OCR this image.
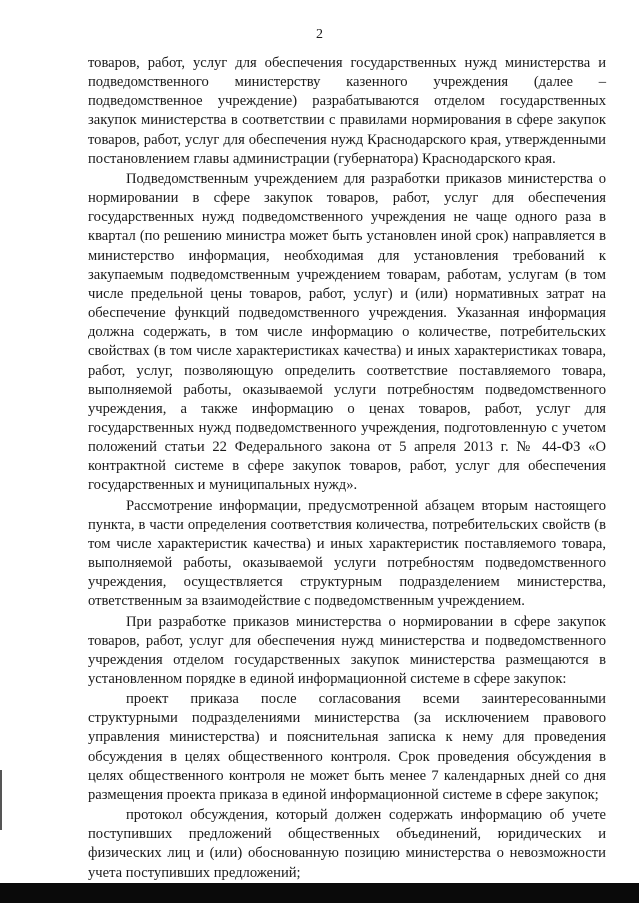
2

товаров, работ, услуг для обеспечения государственных нужд министерства и подведомственного министерству казенного учреждения (далее – подведомственное учреждение) разрабатываются отделом государственных закупок министерства в соответствии с правилами нормирования в сфере закупок товаров, работ, услуг для обеспечения нужд Краснодарского края, утвержденными постановлением главы администрации (губернатора) Краснодарского края.

Подведомственным учреждением для разработки приказов министерства о нормировании в сфере закупок товаров, работ, услуг для обеспечения государственных нужд подведомственного учреждения не чаще одного раза в квартал (по решению министра может быть установлен иной срок) направляется в министерство информация, необходимая для установления требований к закупаемым подведомственным учреждением товарам, работам, услугам (в том числе предельной цены товаров, работ, услуг) и (или) нормативных затрат на обеспечение функций подведомственного учреждения. Указанная информация должна содержать, в том числе информацию о количестве, потребительских свойствах (в том числе характеристиках качества) и иных характеристиках товара, работ, услуг, позволяющую определить соответствие поставляемого товара, выполняемой работы, оказываемой услуги потребностям подведомственного учреждения, а также информацию о ценах товаров, работ, услуг для государственных нужд подведомственного учреждения, подготовленную с учетом положений статьи 22 Федерального закона от 5 апреля 2013 г. № 44-ФЗ «О контрактной системе в сфере закупок товаров, работ, услуг для обеспечения государственных и муниципальных нужд».

Рассмотрение информации, предусмотренной абзацем вторым настоящего пункта, в части определения соответствия количества, потребительских свойств (в том числе характеристик качества) и иных характеристик поставляемого товара, выполняемой работы, оказываемой услуги потребностям подведомственного учреждения, осуществляется структурным подразделением министерства, ответственным за взаимодействие с подведомственным учреждением.

При разработке приказов министерства о нормировании в сфере закупок товаров, работ, услуг для обеспечения нужд министерства и подведомственного учреждения отделом государственных закупок министерства размещаются в установленном порядке в единой информационной системе в сфере закупок:

проект приказа после согласования всеми заинтересованными структурными подразделениями министерства (за исключением правового управления министерства) и пояснительная записка к нему для проведения обсуждения в целях общественного контроля. Срок проведения обсуждения в целях общественного контроля не может быть менее 7 календарных дней со дня размещения проекта приказа в единой информационной системе в сфере закупок;

протокол обсуждения, который должен содержать информацию об учете поступивших предложений общественных объединений, юридических и физических лиц и (или) обоснованную позицию министерства о невозможности учета поступивших предложений;
